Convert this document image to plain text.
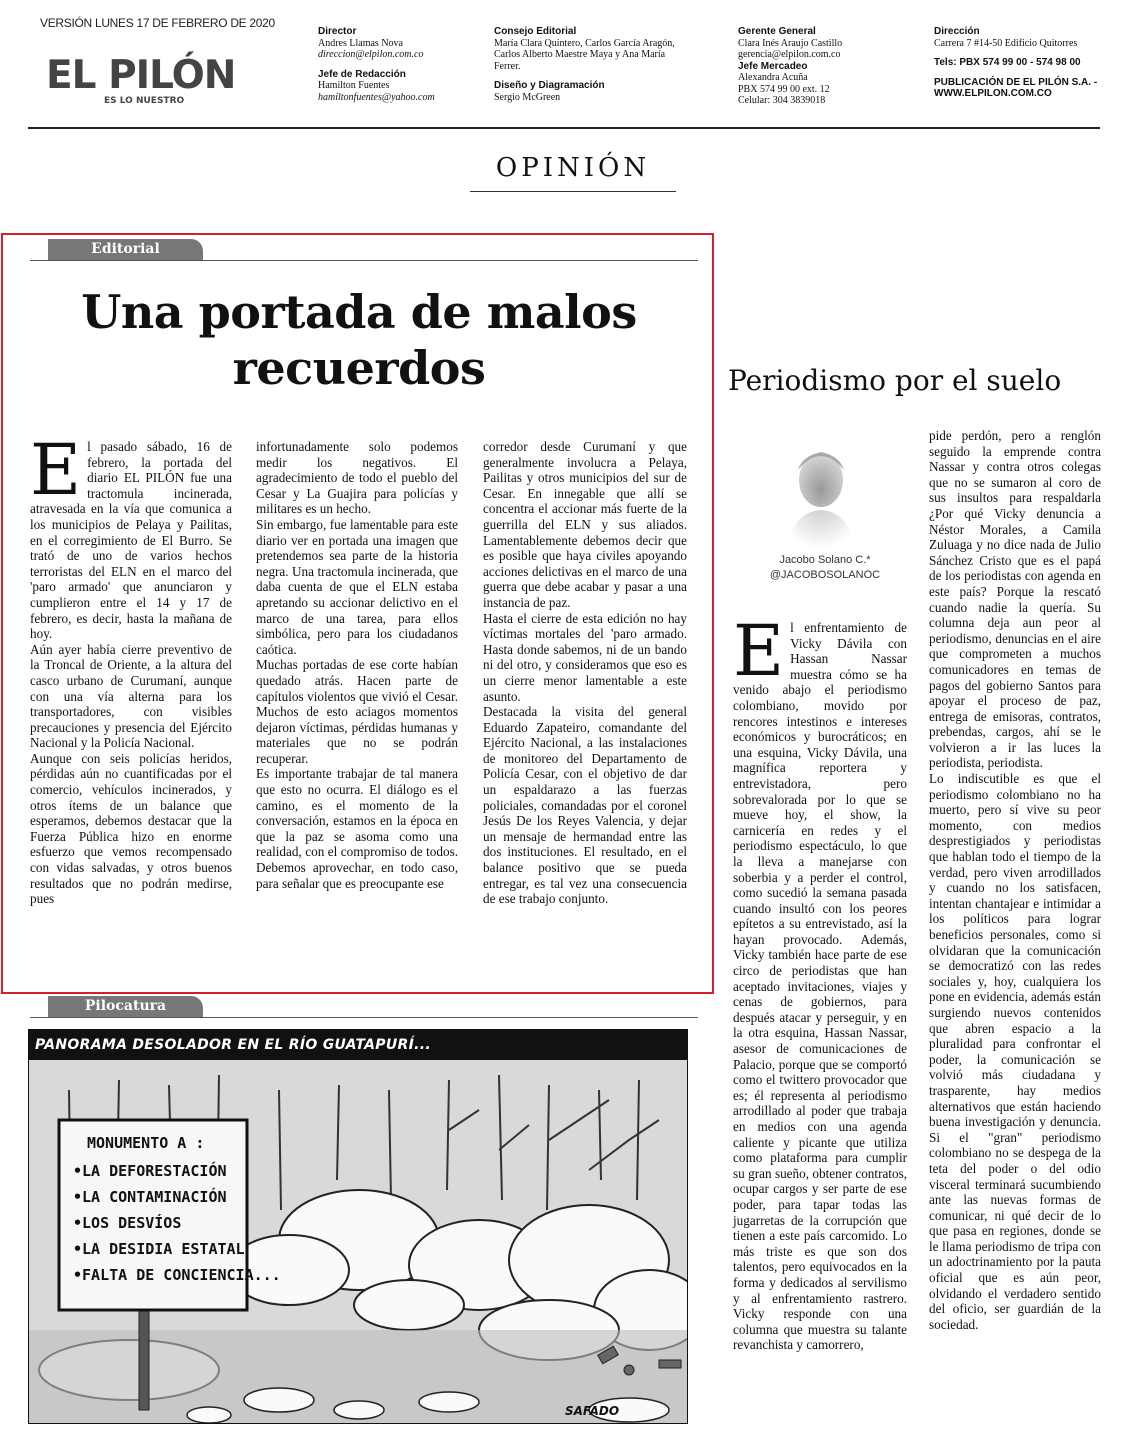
VERSIÓN LUNES 17 DE FEBRERO DE 2020
EL PILÓN
ES LO NUESTRO
Director
Andres Llamas Nova
direccion@elpilon.com.co
Jefe de Redacción
Hamilton Fuentes
hamiltonfuentes@yahoo.com
Consejo Editorial
María Clara Quintero, Carlos García Aragón,
Carlos Alberto Maestre Maya y Ana María
Ferrer.
Diseño y Diagramación
Sergio McGreen
Gerente General
Clara Inés Araujo Castillo
gerencia@elpilon.com.co
Jefe Mercadeo
Alexandra Acuña
PBX 574 99 00 ext. 12
Celular: 304 3839018
Dirección
Carrera 7 #14-50 Edificio Quitorres
Tels: PBX 574 99 00 - 574 98 00
PUBLICACIÓN DE EL PILÓN S.A. -
WWW.ELPILON.COM.CO
OPINIÓN
Editorial
Una portada de malos recuerdos
E l pasado sábado, 16 de febrero, la portada del diario EL PILÓN fue una tractomula incinerada, atravesada en la vía que comunica a los municipios de Pelaya y Pailitas, en el corregimiento de El Burro. Se trató de uno de varios hechos terroristas del ELN en el marco del 'paro armado' que anunciaron y cumplieron entre el 14 y 17 de febrero, es decir, hasta la mañana de hoy.

Aún ayer había cierre preventivo de la Troncal de Oriente, a la altura del casco urbano de Curumaní, aunque con una vía alterna para los transportadores, con visibles precauciones y presencia del Ejército Nacional y la Policía Nacional.

Aunque con seis policías heridos, pérdidas aún no cuantificadas por el comercio, vehículos incinerados, y otros ítems de un balance que esperamos, debemos destacar que la Fuerza Pública hizo en enorme esfuerzo que vemos recompensado con vidas salvadas, y otros buenos resultados que no podrán medirse, pues

infortunadamente solo podemos medir los negativos. El agradecimiento de todo el pueblo del Cesar y La Guajira para policías y militares es un hecho.

Sin embargo, fue lamentable para este diario ver en portada una imagen que pretendemos sea parte de la historia negra. Una tractomula incinerada, que daba cuenta de que el ELN estaba apretando su accionar delictivo en el marco de una tarea, para ellos simbólica, pero para los ciudadanos caótica.

Muchas portadas de ese corte habían quedado atrás. Hacen parte de capítulos violentos que vivió el Cesar. Muchos de esto aciagos momentos dejaron víctimas, pérdidas humanas y materiales que no se podrán recuperar.

Es importante trabajar de tal manera que esto no ocurra. El diálogo es el camino, es el momento de la conversación, estamos en la época en que la paz se asoma como una realidad, con el compromiso de todos. Debemos aprovechar, en todo caso, para señalar que es preocupante ese

corredor desde Curumaní y que generalmente involucra a Pelaya, Pailitas y otros municipios del sur de Cesar. En innegable que allí se concentra el accionar más fuerte de la guerrilla del ELN y sus aliados. Lamentablemente debemos decir que es posible que haya civiles apoyando acciones delictivas en el marco de una guerra que debe acabar y pasar a una instancia de paz.

Hasta el cierre de esta edición no hay víctimas mortales del 'paro armado. Hasta donde sabemos, ni de un bando ni del otro, y consideramos que eso es un cierre menor lamentable a este asunto.

Destacada la visita del general Eduardo Zapateiro, comandante del Ejército Nacional, a las instalaciones de monitoreo del Departamento de Policía Cesar, con el objetivo de dar un espaldarazo a las fuerzas policiales, comandadas por el coronel Jesús De los Reyes Valencia, y dejar un mensaje de hermandad entre las dos instituciones. El resultado, en el balance positivo que se pueda entregar, es tal vez una consecuencia de ese trabajo conjunto.

Pilocatura
MONUMENTO A :
•LA DEFORESTACIÓN
•LA CONTAMINACIÓN
•LOS DESVÍOS
•LA DESIDIA ESTATAL
•FALTA DE CONCIENCIA...
SAFADO
PANORAMA DESOLADOR EN EL RÍO GUATAPURÍ...
Periodismo por el suelo
Jacobo Solano C.*
@JACOBOSOLANOC
E l enfrentamiento de Vicky Dávila con Hassan Nassar muestra cómo se ha venido abajo el periodismo colombiano, movido por rencores intestinos e intereses económicos y burocráticos; en una esquina, Vicky Dávila, una magnífica reportera y entrevistadora, pero sobrevalorada por lo que se mueve hoy, el show, la carnicería en redes y el periodismo espectáculo, lo que la lleva a manejarse con soberbia y a perder el control, como sucedió la semana pasada cuando insultó con los peores epítetos a su entrevistado, así la hayan provocado. Además, Vicky también hace parte de ese circo de periodistas que han aceptado invitaciones, viajes y cenas de gobiernos, para después atacar y perseguir, y en la otra esquina, Hassan Nassar, asesor de comunicaciones de Palacio, porque que se comportó como el twittero provocador que es; él representa al periodismo arrodillado al poder que trabaja en medios con una agenda caliente y picante que utiliza como plataforma para cumplir su gran sueño, obtener contratos, ocupar cargos y ser parte de ese poder, para tapar todas las jugarretas de la corrupción que tienen a este país carcomido. Lo más triste es que son dos talentos, pero equivocados en la forma y dedicados al servilismo y al enfrentamiento rastrero. Vicky responde con una columna que muestra su talante revanchista y camorrero,

pide perdón, pero a renglón seguido la emprende contra Nassar y contra otros colegas que no se sumaron al coro de sus insultos para respaldarla ¿Por qué Vicky denuncia a Néstor Morales, a Camila Zuluaga y no dice nada de Julio Sánchez Cristo que es el papá de los periodistas con agenda en este país? Porque la rescató cuando nadie la quería. Su columna deja aun peor al periodismo, denuncias en el aire que comprometen a muchos comunicadores en temas de pagos del gobierno Santos para apoyar el proceso de paz, entrega de emisoras, contratos, prebendas, cargos, ahí se le volvieron a ir las luces la periodista, periodista.

Lo indiscutible es que el periodismo colombiano no ha muerto, pero sí vive su peor momento, con medios desprestigiados y periodistas que hablan todo el tiempo de la verdad, pero viven arrodillados y cuando no los satisfacen, intentan chantajear e intimidar a los políticos para lograr beneficios personales, como si olvidaran que la comunicación se democratizó con las redes sociales y, hoy, cualquiera los pone en evidencia, además están surgiendo nuevos contenidos que abren espacio a la pluralidad para confrontar el poder, la comunicación se volvió más ciudadana y trasparente, hay medios alternativos que están haciendo buena investigación y denuncia. Si el "gran" periodismo colombiano no se despega de la teta del poder o del odio visceral terminará sucumbiendo ante las nuevas formas de comunicar, ni qué decir de lo que pasa en regiones, donde se le llama periodismo de tripa con un adoctrinamiento por la pauta oficial que es aún peor, olvidando el verdadero sentido del oficio, ser guardián de la sociedad.
